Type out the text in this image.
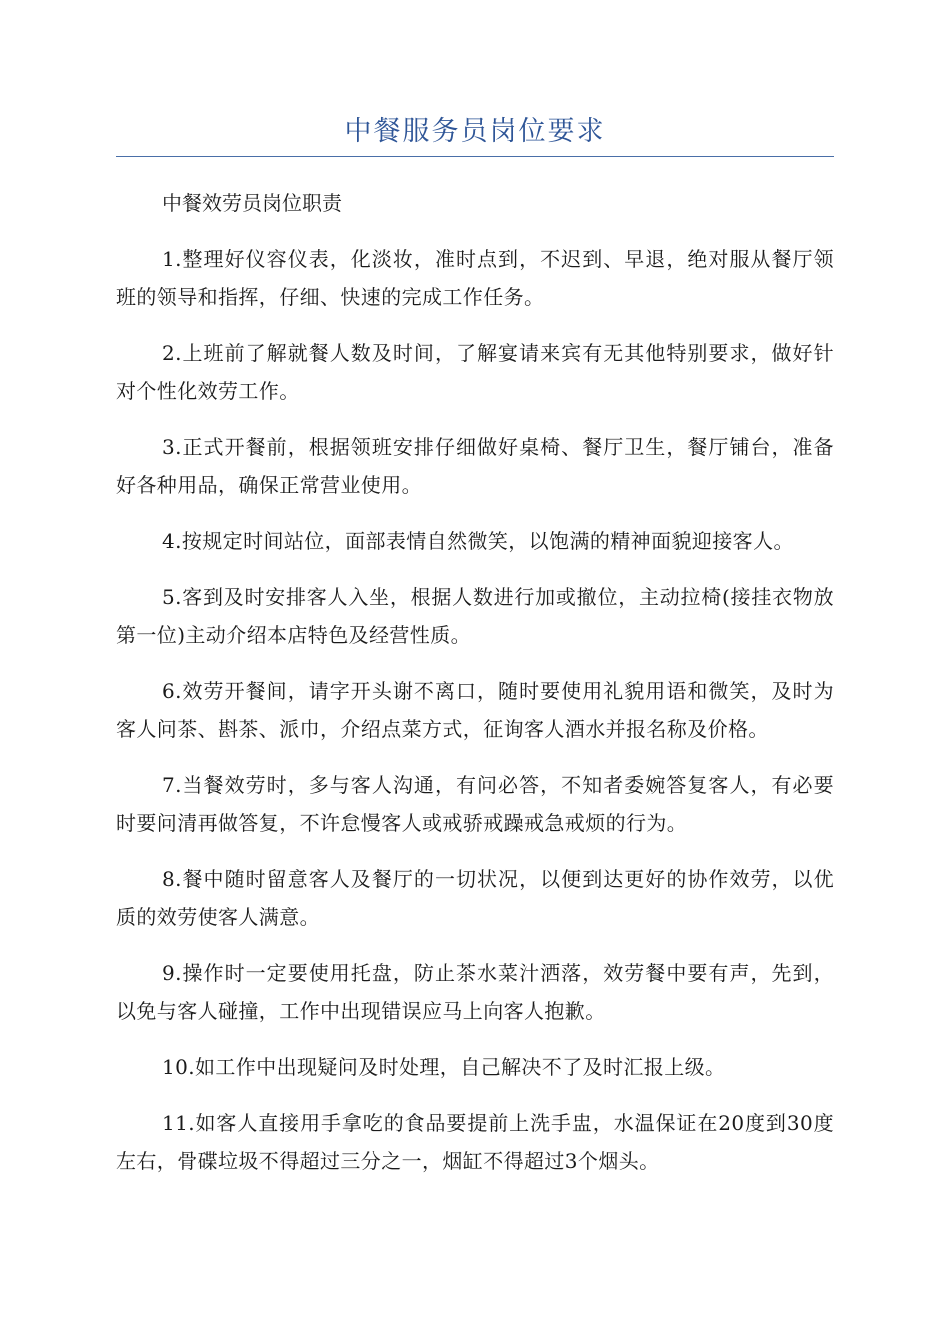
中餐服务员岗位要求

中餐效劳员岗位职责

1.整理好仪容仪表，化淡妆，准时点到，不迟到、早退，绝对服从餐厅领班的领导和指挥，仔细、快速的完成工作任务。

2.上班前了解就餐人数及时间，了解宴请来宾有无其他特别要求，做好针对个性化效劳工作。

3.正式开餐前，根据领班安排仔细做好桌椅、餐厅卫生，餐厅铺台，准备好各种用品，确保正常营业使用。

4.按规定时间站位，面部表情自然微笑，以饱满的精神面貌迎接客人。

5.客到及时安排客人入坐，根据人数进行加或撤位，主动拉椅(接挂衣物放第一位)主动介绍本店特色及经营性质。

6.效劳开餐间，请字开头谢不离口，随时要使用礼貌用语和微笑，及时为客人问茶、斟茶、派巾，介绍点菜方式，征询客人酒水并报名称及价格。

7.当餐效劳时，多与客人沟通，有问必答，不知者委婉答复客人，有必要时要问清再做答复，不许怠慢客人或戒骄戒躁戒急戒烦的行为。

8.餐中随时留意客人及餐厅的一切状况，以便到达更好的协作效劳，以优质的效劳使客人满意。

9.操作时一定要使用托盘，防止茶水菜汁洒落，效劳餐中要有声，先到，以免与客人碰撞，工作中出现错误应马上向客人抱歉。

10.如工作中出现疑问及时处理，自己解决不了及时汇报上级。

11.如客人直接用手拿吃的食品要提前上洗手盅，水温保证在20度到30度左右，骨碟垃圾不得超过三分之一，烟缸不得超过3个烟头。
